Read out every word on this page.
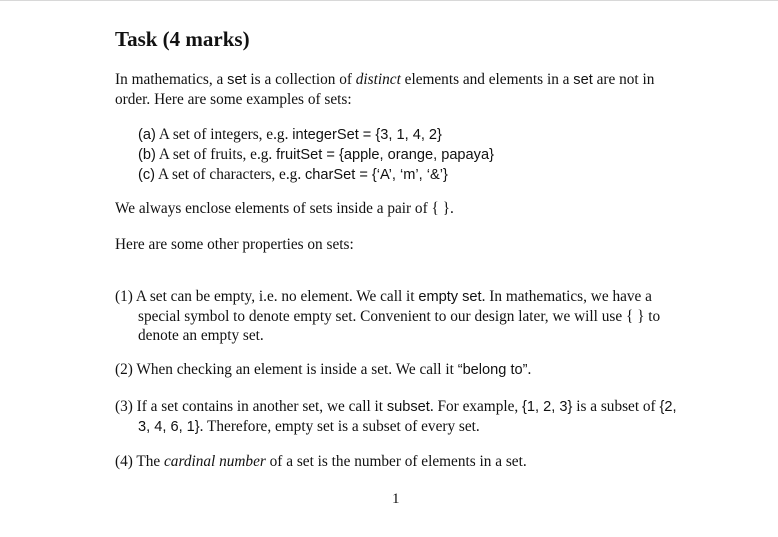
Task (4 marks)

In mathematics, a set is a collection of distinct elements and elements in a set are not in order. Here are some examples of sets:

(a) A set of integers, e.g. integerSet = {3, 1, 4, 2}
(b) A set of fruits, e.g. fruitSet = {apple, orange, papaya}
(c) A set of characters, e.g. charSet = {‘A’, ‘m’, ‘&’}

We always enclose elements of sets inside a pair of { }.

Here are some other properties on sets:

(1) A set can be empty, i.e. no element. We call it empty set. In mathematics, we have a special symbol to denote empty set. Convenient to our design later, we will use { } to denote an empty set.

(2) When checking an element is inside a set. We call it “belong to”.

(3) If a set contains in another set, we call it subset. For example, {1, 2, 3} is a subset of {2, 3, 4, 6, 1}. Therefore, empty set is a subset of every set.

(4) The cardinal number of a set is the number of elements in a set.

1
